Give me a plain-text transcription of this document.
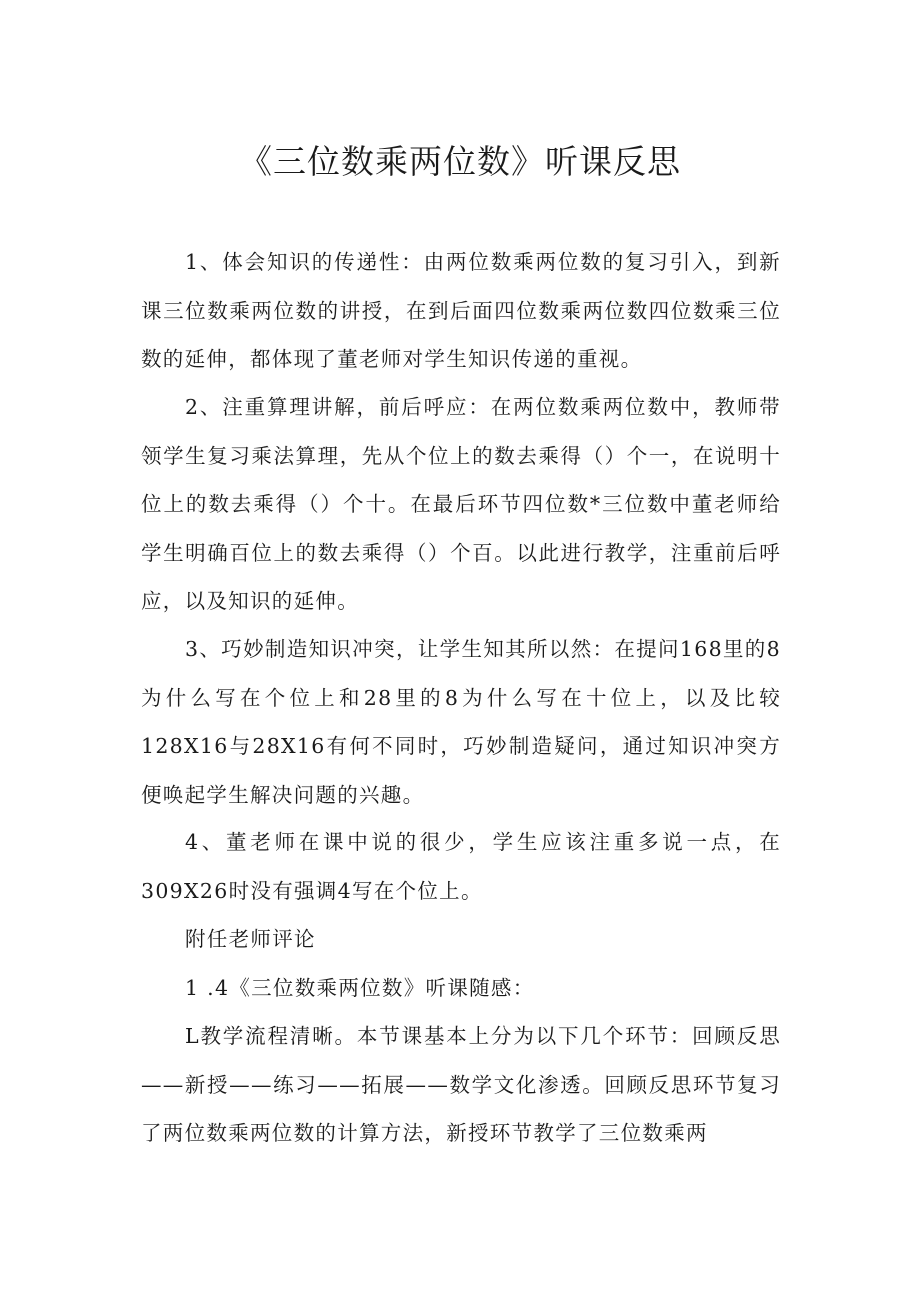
《三位数乘两位数》听课反思

1、体会知识的传递性：由两位数乘两位数的复习引入，到新课三位数乘两位数的讲授，在到后面四位数乘两位数四位数乘三位数的延伸，都体现了董老师对学生知识传递的重视。

2、注重算理讲解，前后呼应：在两位数乘两位数中，教师带领学生复习乘法算理，先从个位上的数去乘得（）个一，在说明十位上的数去乘得（）个十。在最后环节四位数*三位数中董老师给学生明确百位上的数去乘得（）个百。以此进行教学，注重前后呼应，以及知识的延伸。

3、巧妙制造知识冲突，让学生知其所以然：在提问168里的8为什么写在个位上和28里的8为什么写在十位上，以及比较128X16与28X16有何不同时，巧妙制造疑问，通过知识冲突方便唤起学生解决问题的兴趣。

4、董老师在课中说的很少，学生应该注重多说一点，在309X26时没有强调4写在个位上。

附任老师评论

1 .4《三位数乘两位数》听课随感：

L教学流程清晰。本节课基本上分为以下几个环节：回顾反思——新授——练习——拓展——数学文化渗透。回顾反思环节复习了两位数乘两位数的计算方法，新授环节教学了三位数乘两
